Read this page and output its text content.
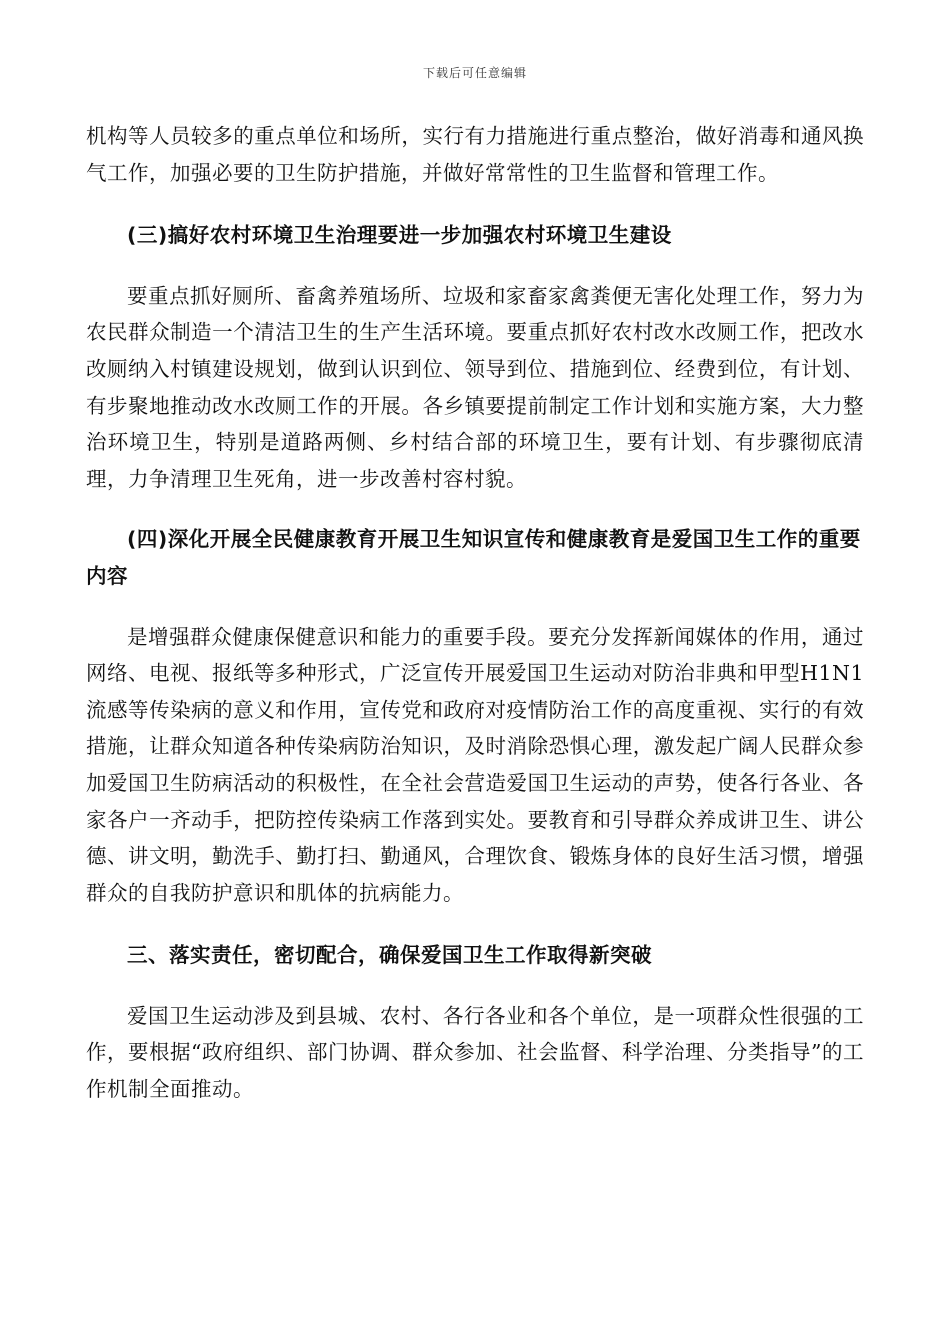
下载后可任意编辑

机构等人员较多的重点单位和场所，实行有力措施进行重点整治，做好消毒和通风换气工作，加强必要的卫生防护措施，并做好常常性的卫生监督和管理工作。

(三)搞好农村环境卫生治理要进一步加强农村环境卫生建设

要重点抓好厕所、畜禽养殖场所、垃圾和家畜家禽粪便无害化处理工作，努力为农民群众制造一个清洁卫生的生产生活环境。要重点抓好农村改水改厕工作，把改水改厕纳入村镇建设规划，做到认识到位、领导到位、措施到位、经费到位，有计划、有步聚地推动改水改厕工作的开展。各乡镇要提前制定工作计划和实施方案，大力整治环境卫生，特别是道路两侧、乡村结合部的环境卫生，要有计划、有步骤彻底清理，力争清理卫生死角，进一步改善村容村貌。

(四)深化开展全民健康教育开展卫生知识宣传和健康教育是爱国卫生工作的重要内容

是增强群众健康保健意识和能力的重要手段。要充分发挥新闻媒体的作用，通过网络、电视、报纸等多种形式，广泛宣传开展爱国卫生运动对防治非典和甲型H1N1流感等传染病的意义和作用，宣传党和政府对疫情防治工作的高度重视、实行的有效措施，让群众知道各种传染病防治知识，及时消除恐惧心理，激发起广阔人民群众参加爱国卫生防病活动的积极性，在全社会营造爱国卫生运动的声势，使各行各业、各家各户一齐动手，把防控传染病工作落到实处。要教育和引导群众养成讲卫生、讲公德、讲文明，勤洗手、勤打扫、勤通风，合理饮食、锻炼身体的良好生活习惯，增强群众的自我防护意识和肌体的抗病能力。

三、落实责任，密切配合，确保爱国卫生工作取得新突破

爱国卫生运动涉及到县城、农村、各行各业和各个单位，是一项群众性很强的工作，要根据“政府组织、部门协调、群众参加、社会监督、科学治理、分类指导”的工作机制全面推动。
